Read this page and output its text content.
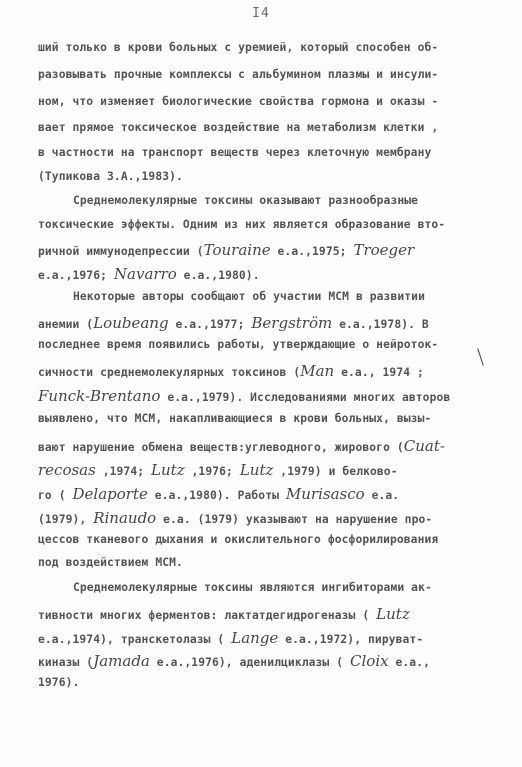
I4
ший только в крови больных с уремией, который способен об-
разовывать прочные комплексы с альбумином плазмы и инсули-
ном, что изменяет биологические свойства гормона и оказы -
вает прямое токсическое воздействие на метаболизм клетки ,
в частности на транспорт веществ через клеточную мембрану
(Тупикова З.А.,1983).
Среднемолекулярные токсины оказывают разнообразные
токсические эффекты. Одним из них является образование вто-
ричной иммунодепрессии (Touraine e.a.,1975; Troeger
e.a.,1976; Navarro e.a.,1980).
Некоторые авторы сообщают об участии МСМ в развитии
анемии (Loubeang e.a.,1977; Bergström e.a.,1978). В
последнее время появились работы, утверждающие о нейроток-
сичности среднемолекулярных токсинов (Man e.a., 1974 ;
Funck-Brentano e.a.,1979). Исследованиями многих авторов
выявлено, что МСМ, накапливающиеся в крови больных, вызы-
вают нарушение обмена веществ:углеводного, жирового (Cuat-
recosas ,1974; Lutz ,1976; Lutz ,1979) и белково-
го ( Delaporte e.a.,1980). Работы Murisasco e.a.
(1979), Rinaudo e.a. (1979) указывают на нарушение про-
цессов тканевого дыхания и окислительного фосфорилирования
под воздействием МСМ.
Среднемолекулярные токсины являются ингибиторами ак-
тивности многих ферментов: лактатдегидрогеназы ( Lutz
e.a.,1974), транскетолазы ( Lange e.a.,1972), пируват-
киназы (Jamada e.a.,1976), аденилциклазы ( Cloix e.a.,
1976).
